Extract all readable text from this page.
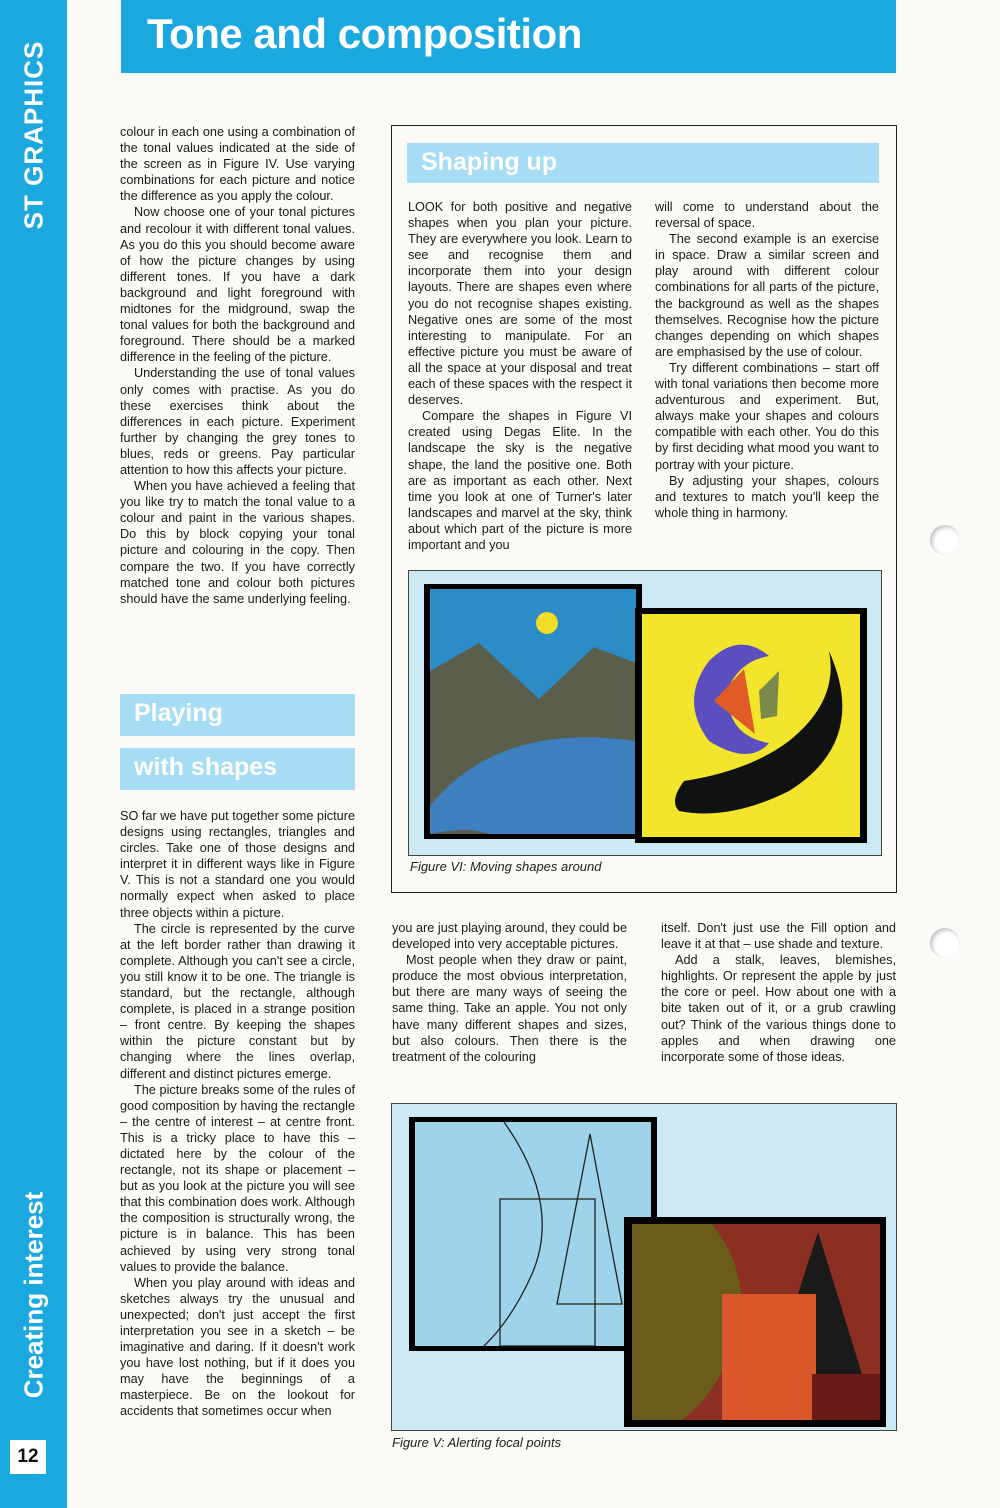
ST GRAPHICS
Creating interest
12
Tone and composition

colour in each one using a combination of the tonal values indicated at the side of the screen as in Figure IV. Use varying combinations for each picture and notice the difference as you apply the colour.

Now choose one of your tonal pictures and recolour it with different tonal values. As you do this you should become aware of how the picture changes by using different tones. If you have a dark background and light foreground with midtones for the midground, swap the tonal values for both the background and foreground. There should be a marked difference in the feeling of the picture.

Understanding the use of tonal values only comes with practise. As you do these exercises think about the differences in each picture. Experiment further by changing the grey tones to blues, reds or greens. Pay particular attention to how this affects your picture.

When you have achieved a feeling that you like try to match the tonal value to a colour and paint in the various shapes. Do this by block copying your tonal picture and colouring in the copy. Then compare the two. If you have correctly matched tone and colour both pictures should have the same underlying feeling.

Playing
with shapes

SO far we have put together some picture designs using rectangles, triangles and circles. Take one of those designs and interpret it in different ways like in Figure V. This is not a standard one you would normally expect when asked to place three objects within a picture.

The circle is represented by the curve at the left border rather than drawing it complete. Although you can't see a circle, you still know it to be one. The triangle is standard, but the rectangle, although complete, is placed in a strange position – front centre. By keeping the shapes within the picture constant but by changing where the lines overlap, different and distinct pictures emerge.

The picture breaks some of the rules of good composition by having the rectangle – the centre of interest – at centre front. This is a tricky place to have this – dictated here by the colour of the rectangle, not its shape or placement – but as you look at the picture you will see that this combination does work. Although the composition is structurally wrong, the picture is in balance. This has been achieved by using very strong tonal values to provide the balance.

When you play around with ideas and sketches always try the unusual and unexpected; don't just accept the first interpretation you see in a sketch – be imaginative and daring. If it doesn't work you have lost nothing, but if it does you may have the beginnings of a masterpiece. Be on the lookout for accidents that sometimes occur when

Shaping up

LOOK for both positive and negative shapes when you plan your picture. They are everywhere you look. Learn to see and recognise them and incorporate them into your design layouts. There are shapes even where you do not recognise shapes existing. Negative ones are some of the most interesting to manipulate. For an effective picture you must be aware of all the space at your disposal and treat each of these spaces with the respect it deserves.

Compare the shapes in Figure VI created using Degas Elite. In the landscape the sky is the negative shape, the land the positive one. Both are as important as each other. Next time you look at one of Turner's later landscapes and marvel at the sky, think about which part of the picture is more important and you

will come to understand about the reversal of space.

The second example is an exercise in space. Draw a similar screen and play around with different colour combinations for all parts of the picture, the background as well as the shapes themselves. Recognise how the picture changes depending on which shapes are emphasised by the use of colour.

Try different combinations – start off with tonal variations then become more adventurous and experiment. But, always make your shapes and colours compatible with each other. You do this by first deciding what mood you want to portray with your picture.

By adjusting your shapes, colours and textures to match you'll keep the whole thing in harmony.

Figure VI: Moving shapes around

you are just playing around, they could be developed into very acceptable pictures.

Most people when they draw or paint, produce the most obvious interpretation, but there are many ways of seeing the same thing. Take an apple. You not only have many different shapes and sizes, but also colours. Then there is the treatment of the colouring

itself. Don't just use the Fill option and leave it at that – use shade and texture.

Add a stalk, leaves, blemishes, highlights. Or represent the apple by just the core or peel. How about one with a bite taken out of it, or a grub crawling out? Think of the various things done to apples and when drawing one incorporate some of those ideas.

Figure V: Alerting focal points
